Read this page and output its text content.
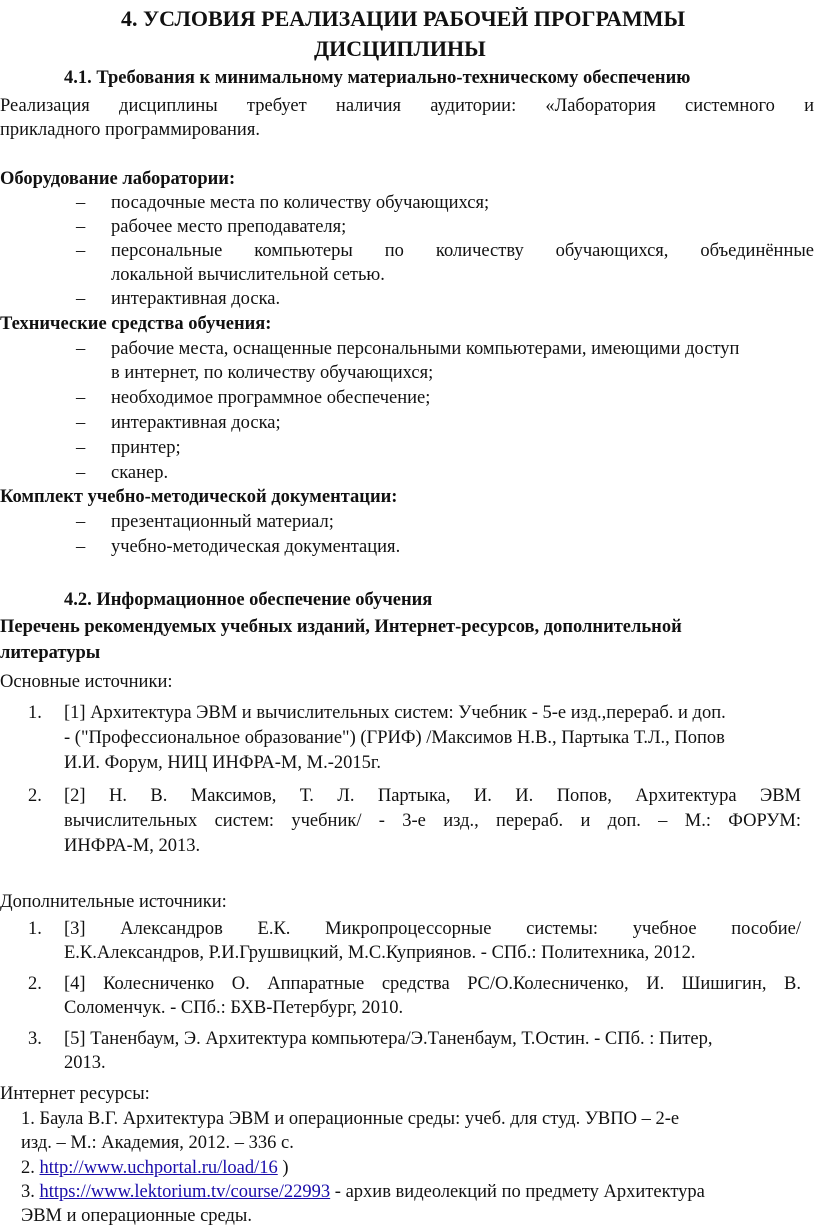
4. УСЛОВИЯ РЕАЛИЗАЦИИ РАБОЧЕЙ ПРОГРАММЫ
ДИСЦИПЛИНЫ
4.1. Требования к минимальному материально-техническому обеспечению
Реализация дисциплины требует наличия аудитории: «Лаборатория системного и
прикладного программирования.
Оборудование лаборатории:
– посадочные места по количеству обучающихся;
– рабочее место преподавателя;
– персональные компьютеры по количеству обучающихся, объединённые
локальной вычислительной сетью.
– интерактивная доска.
Технические средства обучения:
– рабочие места, оснащенные персональными компьютерами, имеющими доступ
в интернет, по количеству обучающихся;
– необходимое программное обеспечение;
– интерактивная доска;
– принтер;
– сканер.
Комплект учебно-методической документации:
– презентационный материал;
– учебно-методическая документация.
4.2. Информационное обеспечение обучения
Перечень рекомендуемых учебных изданий, Интернет-ресурсов, дополнительной
литературы
Основные источники:
1. [1] Архитектура ЭВМ и вычислительных систем: Учебник - 5-е изд.,перераб. и доп.
- ("Профессиональное образование") (ГРИФ) /Максимов Н.В., Партыка Т.Л., Попов
И.И. Форум, НИЦ ИНФРА-М, М.-2015г.
2. [2] Н. В. Максимов, Т. Л. Партыка, И. И. Попов, Архитектура ЭВМ
вычислительных систем: учебник/ - 3-е изд., перераб. и доп. – М.: ФОРУМ:
ИНФРА-М, 2013.
Дополнительные источники:
1. [3] Александров Е.К. Микропроцессорные системы: учебное пособие/
Е.К.Александров, Р.И.Грушвицкий, М.С.Куприянов. - СПб.: Политехника, 2012.
2. [4] Колесниченко О. Аппаратные средства PC/О.Колесниченко, И. Шишигин, В.
Соломенчук. - СПб.: БХВ-Петербург, 2010.
3. [5] Таненбаум, Э. Архитектура компьютера/Э.Таненбаум, Т.Остин. - СПб. : Питер,
2013.
Интернет ресурсы:
1. Баула В.Г. Архитектура ЭВМ и операционные среды: учеб. для студ. УВПО – 2-е
изд. – М.: Академия, 2012. – 336 с.
2. http://www.uchportal.ru/load/16 )
3. https://www.lektorium.tv/course/22993 - архив видеолекций по предмету Архитектура
ЭВМ и операционные среды.
